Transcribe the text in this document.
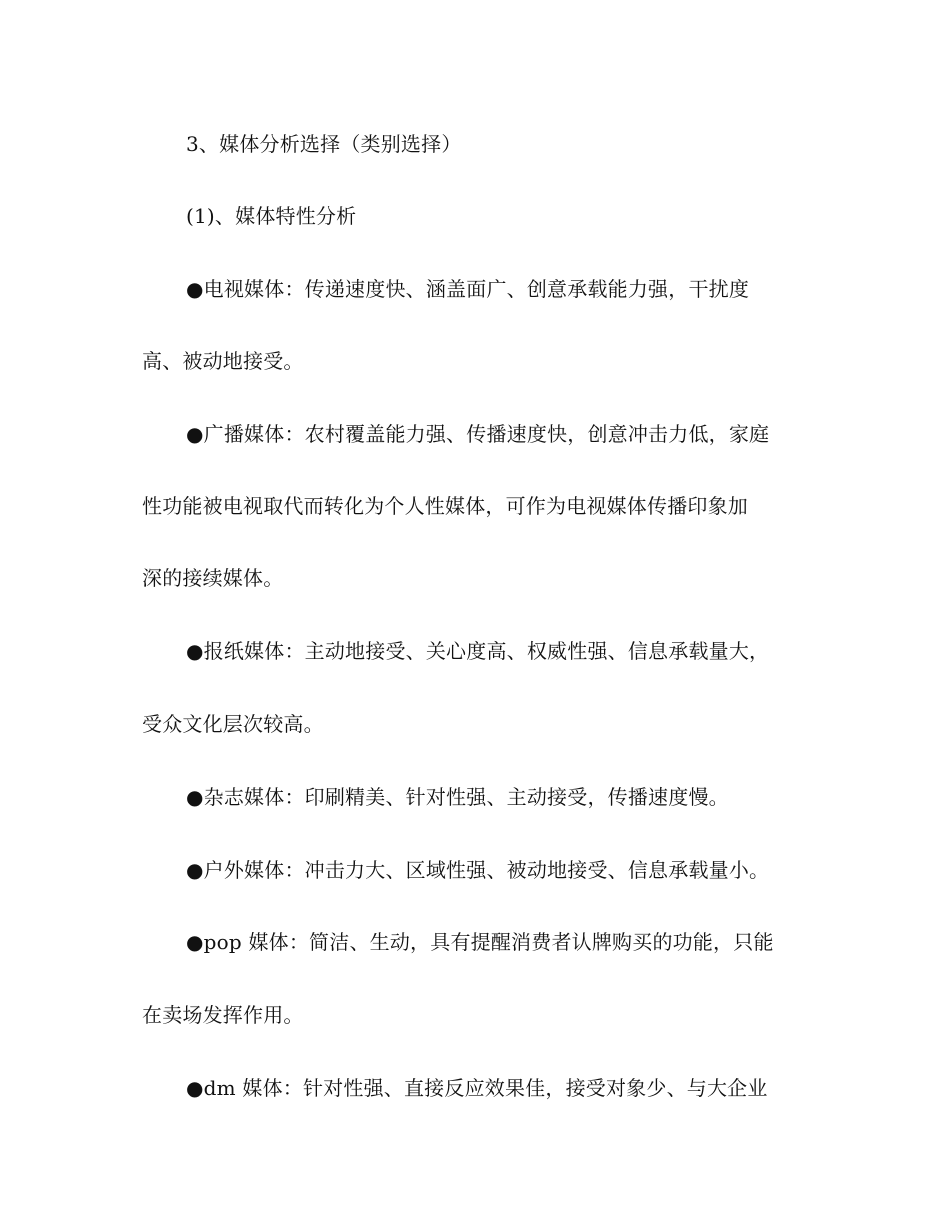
3、媒体分析选择（类别选择）
(1)、媒体特性分析
●电视媒体：传递速度快、涵盖面广、创意承载能力强，干扰度
高、被动地接受。
●广播媒体：农村覆盖能力强、传播速度快，创意冲击力低，家庭
性功能被电视取代而转化为个人性媒体，可作为电视媒体传播印象加
深的接续媒体。
●报纸媒体：主动地接受、关心度高、权威性强、信息承载量大，
受众文化层次较高。
●杂志媒体：印刷精美、针对性强、主动接受，传播速度慢。
●户外媒体：冲击力大、区域性强、被动地接受、信息承载量小。
●pop 媒体：简洁、生动，具有提醒消费者认牌购买的功能，只能
在卖场发挥作用。
●dm 媒体：针对性强、直接反应效果佳，接受对象少、与大企业
